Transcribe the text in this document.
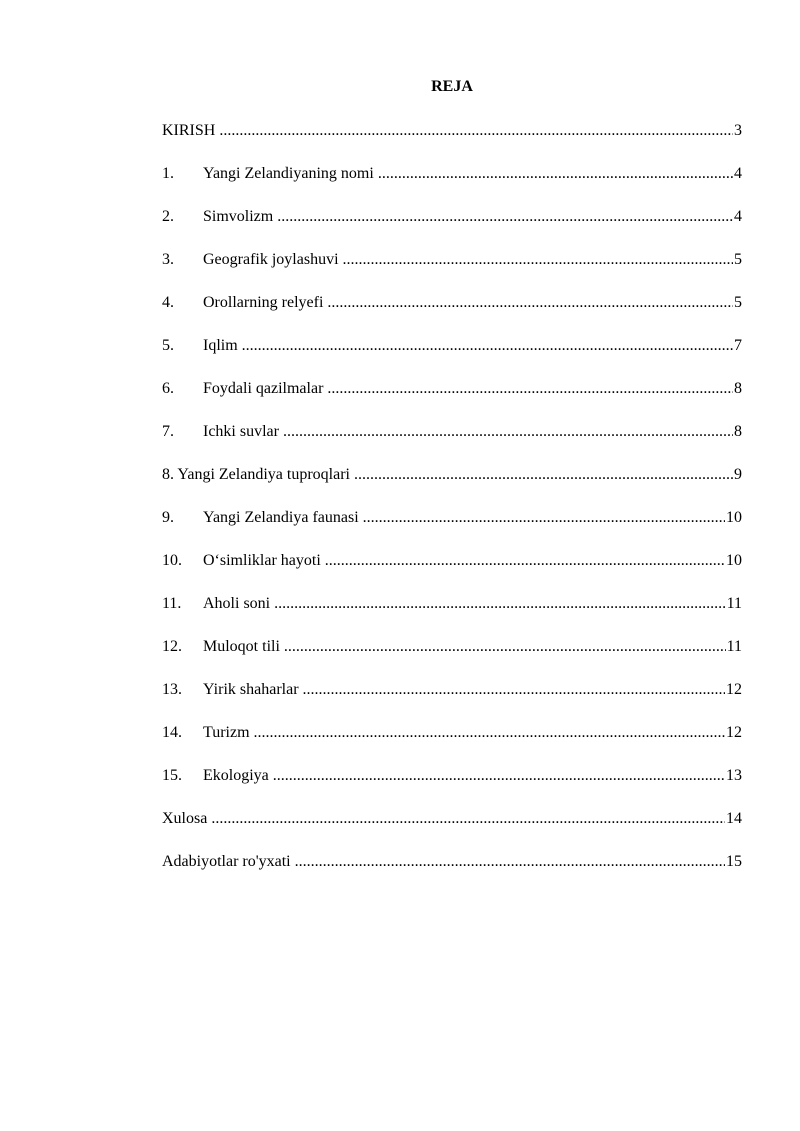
REJA
KIRISH .....	3
1.	Yangi Zelandiyaning nomi .....	4
2.	Simvolizm .....	4
3.	Geografik joylashuvi .....	5
4.	Orollarning relyefi .....	5
5.	Iqlim .....	7
6.	Foydali qazilmalar .....	8
7.	Ichki suvlar .....	8
8. Yangi Zelandiya tuproqlari .....	9
9.	Yangi Zelandiya faunasi .....	10
10.	O‘simliklar hayoti .....	10
11.	Aholi soni .....	11
12.	Muloqot tili .....	11
13.	Yirik shaharlar .....	12
14.	Turizm .....	12
15.	Ekologiya .....	13
Xulosa .....	14
Adabiyotlar ro'yxati .....	15
